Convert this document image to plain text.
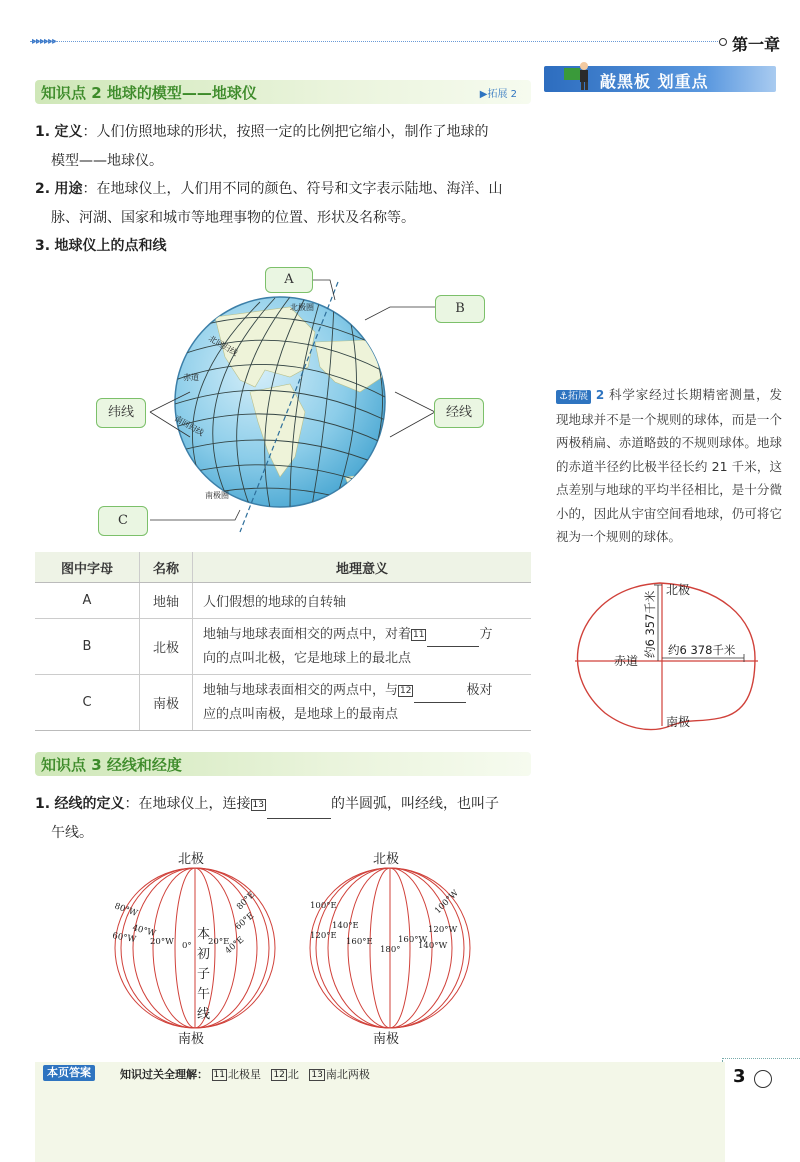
▸▸▸▸▸▸	第一章
知识点 2 地球的模型——地球仪	▶拓展 2
敲黑板 划重点
1. 定义：人们仿照地球的形状，按照一定的比例把它缩小，制作了地球的
模型——地球仪。
2. 用途：在地球仪上，人们用不同的颜色、符号和文字表示陆地、海洋、山
脉、河湖、国家和城市等地理事物的位置、形状及名称等。
3. 地球仪上的点和线
北极圈
北回归线
赤道
南回归线
南极圈
A
B
纬线	经线
C
图中字母	名称	地理意义
A	地轴	人们假想的地球的自转轴
B	北极	地轴与地球表面相交的两点中，对着 11 方
向的点叫北极，它是地球上的最北点
C	南极	地轴与地球表面相交的两点中，与 12 极对
应的点叫南极，是地球上的最南点
⚓拓展 2 科学家经过长期精密测量，发现地球并不是一个规则的球体，而是一个两极稍扁、赤道略鼓的不规则球体。地球的赤道半径约比极半径长约 21 千米，这点差别与地球的平均半径相比，是十分微小的，因此从宇宙空间看地球，仍可将它视为一个规则的球体。
北极
赤道
约6 378千米
南极
约6 357千米
知识点 3 经线和经度
1. 经线的定义：在地球仪上，连接 13	的半圆弧，叫经线，也叫子
午线。
北极
南极
北极
南极
本
初
子
午
线
80°W
40°W
60°W 20°W 0° 20°E
40°E
60°E
80°E	100°E
140°E
120°E
160°E
180°
160°W
120°W
140°W
100°W
本页答案	知识过关全理解： 11 北极星 12 北 13 南北两极	3
